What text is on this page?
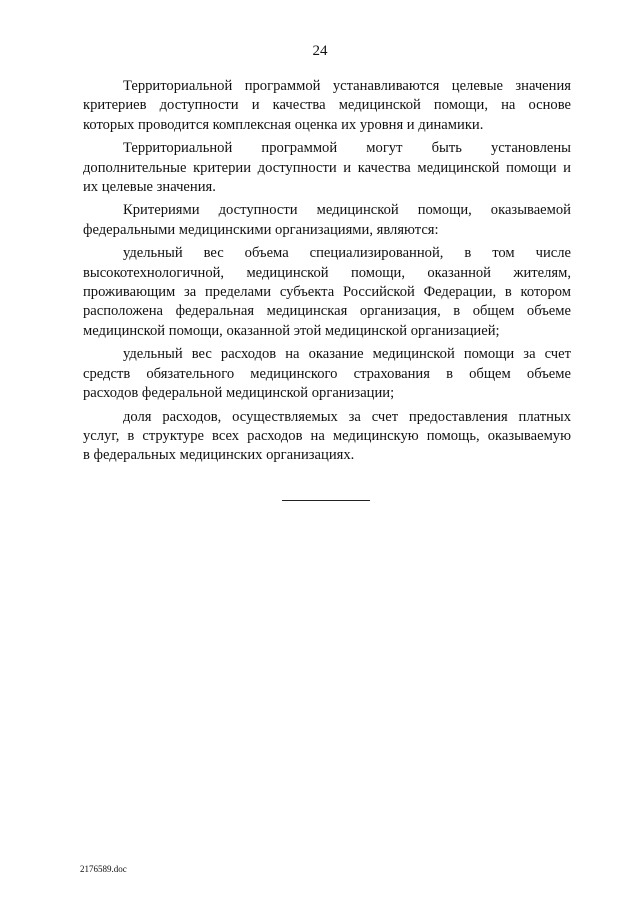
24

Территориальной программой устанавливаются целевые значения
критериев доступности и качества медицинской помощи, на основе
которых проводится комплексная оценка их уровня и динамики.

Территориальной программой могут быть установлены
дополнительные критерии доступности и качества медицинской помощи и
их целевые значения.

Критериями доступности медицинской помощи, оказываемой
федеральными медицинскими организациями, являются:

удельный вес объема специализированной, в том числе
высокотехнологичной, медицинской помощи, оказанной жителям,
проживающим за пределами субъекта Российской Федерации, в котором
расположена федеральная медицинская организация, в общем объеме
медицинской помощи, оказанной этой медицинской организацией;

удельный вес расходов на оказание медицинской помощи за счет
средств обязательного медицинского страхования в общем объеме
расходов федеральной медицинской организации;

доля расходов, осуществляемых за счет предоставления платных
услуг, в структуре всех расходов на медицинскую помощь, оказываемую
в федеральных медицинских организациях.

2176589.doc
